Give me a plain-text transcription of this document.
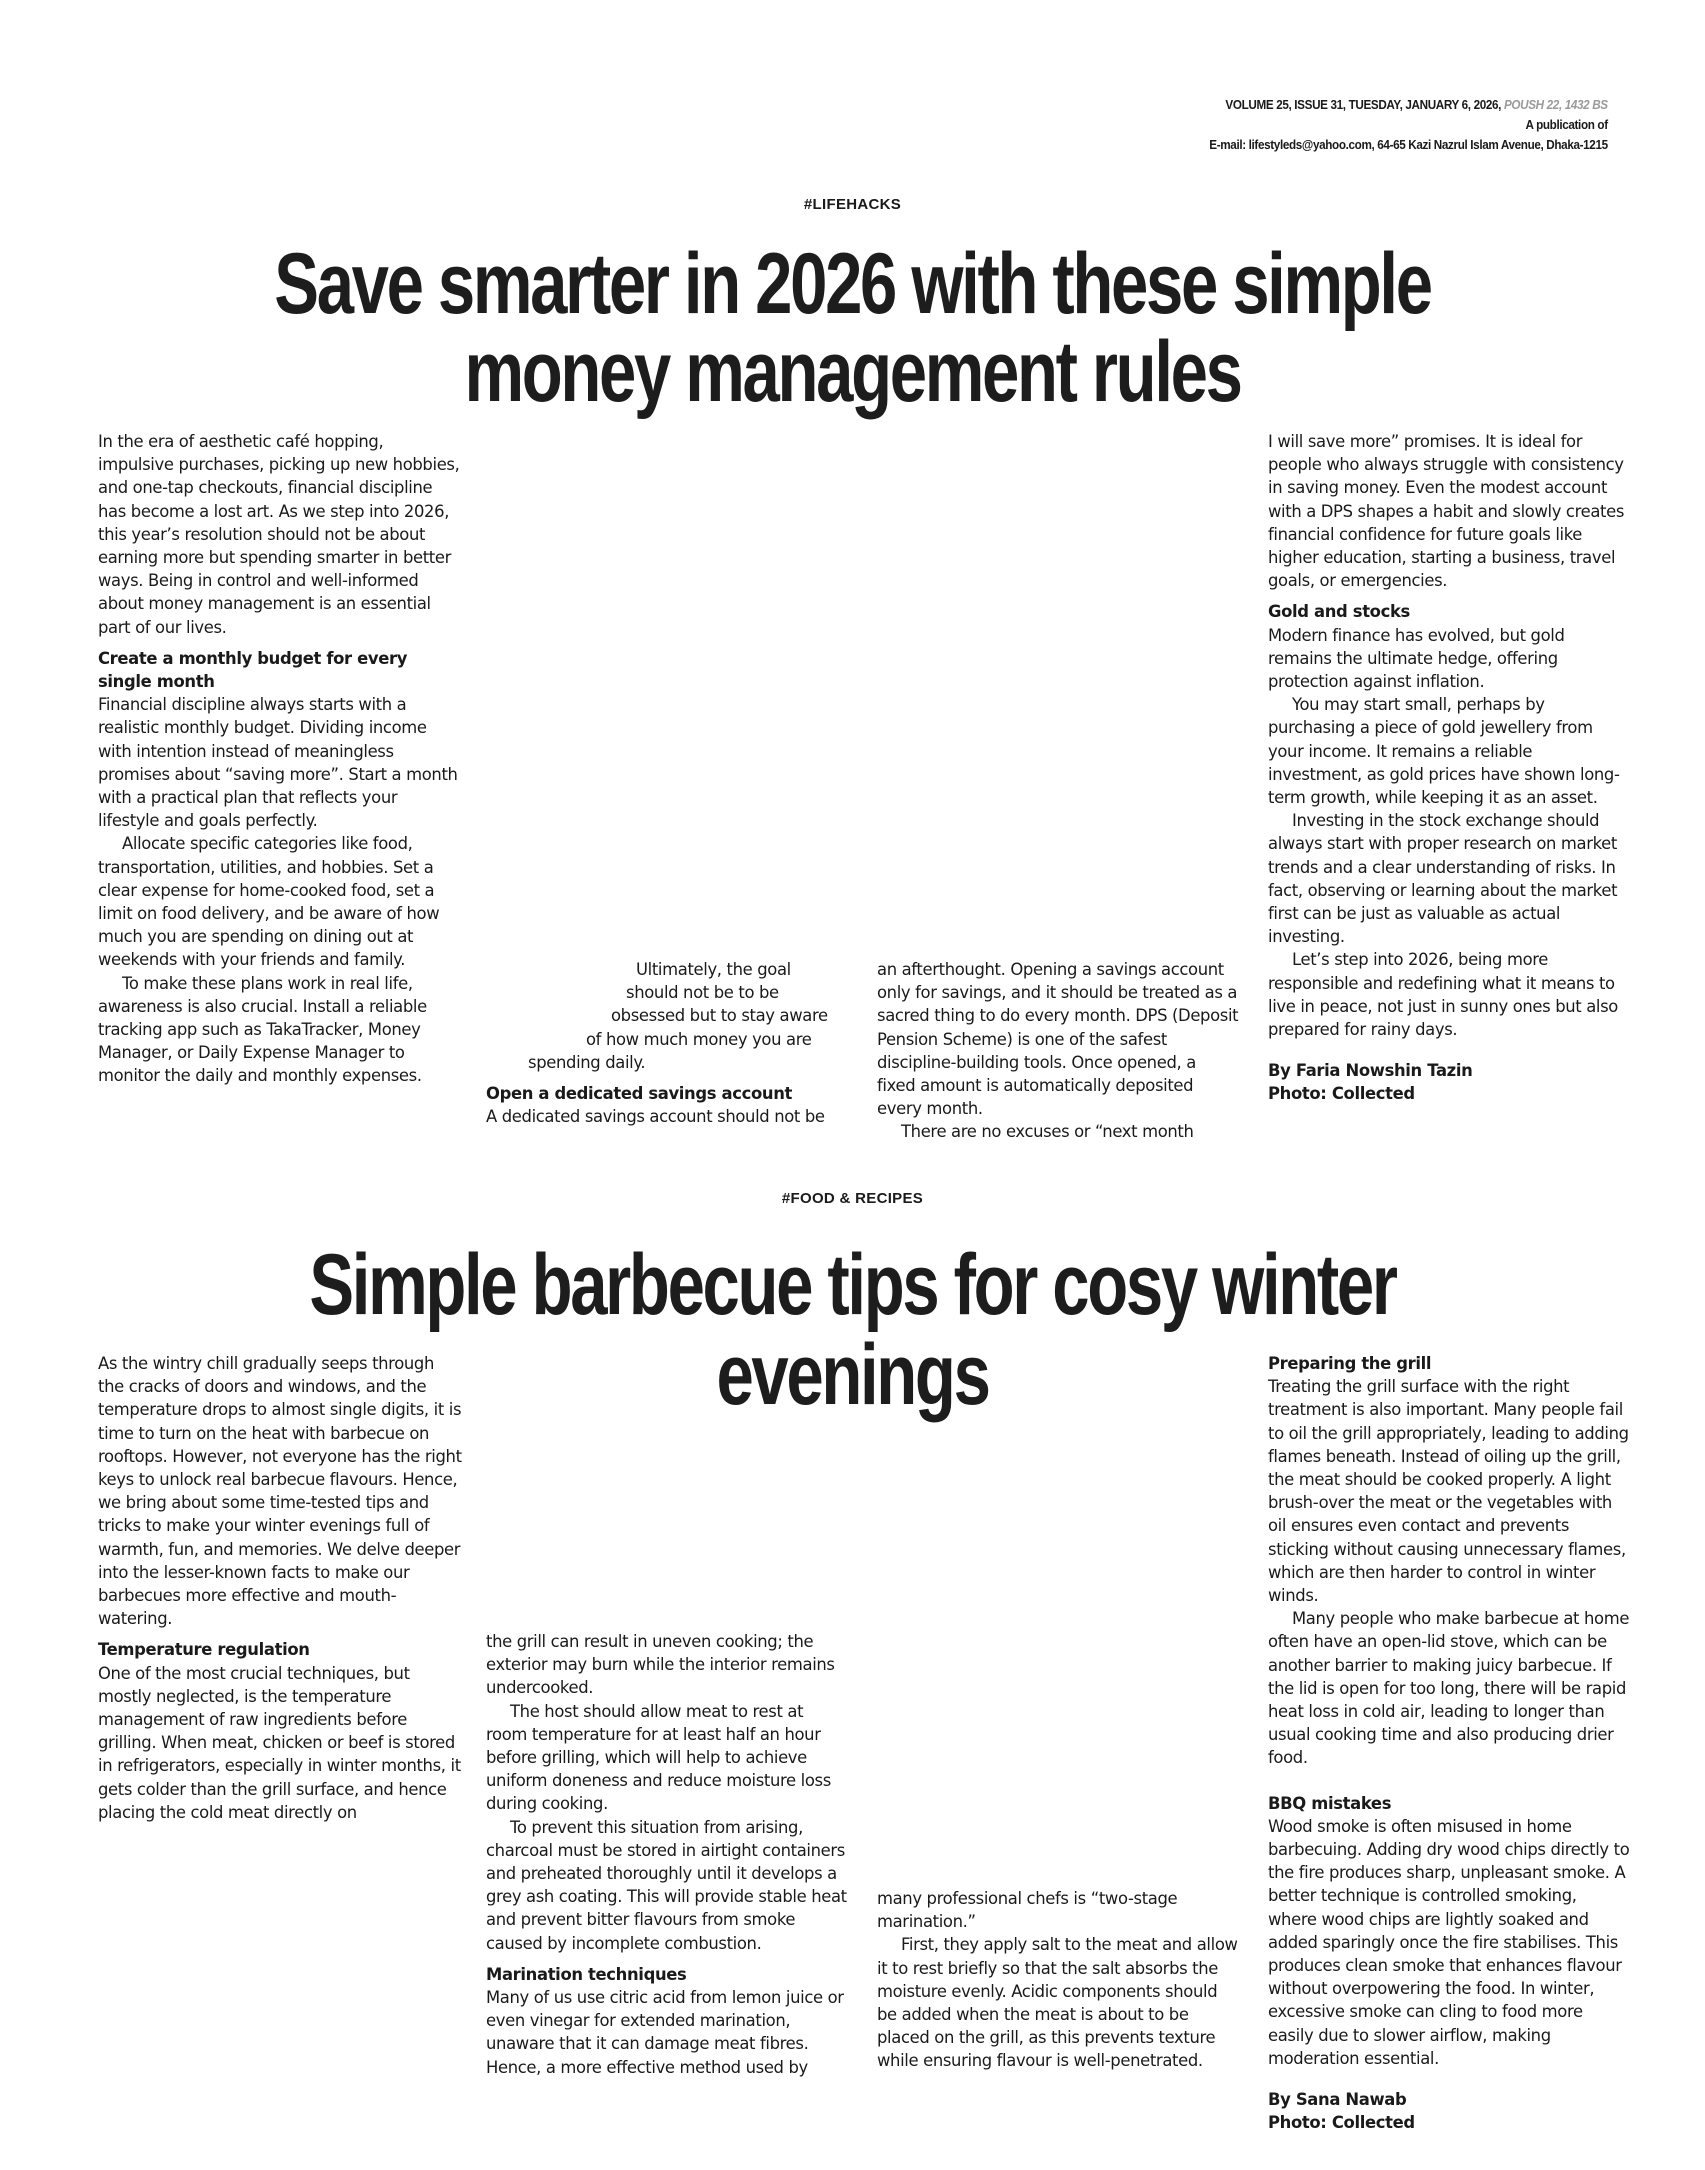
VOLUME 25, ISSUE 31, TUESDAY, JANUARY 6, 2026, POUSH 22, 1432 BS
A publication of
E-mail: lifestyleds@yahoo.com, 64-65 Kazi Nazrul Islam Avenue, Dhaka-1215
#LIFEHACKS
Save smarter in 2026 with these simple
money management rules

In the era of aesthetic café hopping, impulsive purchases, picking up new hobbies, and one-tap checkouts, financial discipline has become a lost art. As we step into 2026, this year’s resolution should not be about earning more but spending smarter in better ways. Being in control and well-informed about money management is an essential part of our lives.

Create a monthly budget for every single month

Financial discipline always starts with a realistic monthly budget. Dividing income with intention instead of meaningless promises about “saving more”. Start a month with a practical plan that reflects your lifestyle and goals perfectly.

Allocate specific categories like food, transportation, utilities, and hobbies. Set a clear expense for home-cooked food, set a limit on food delivery, and be aware of how much you are spending on dining out at weekends with your friends and family.

To make these plans work in real life, awareness is also crucial. Install a reliable tracking app such as TakaTracker, Money Manager, or Daily Expense Manager to monitor the daily and monthly expenses.

Ultimately, the goal

should not be to be

obsessed but to stay aware

of how much money you are

spending daily.

Open a dedicated savings account

A dedicated savings account should not be

an afterthought. Opening a savings account only for savings, and it should be treated as a sacred thing to do every month. DPS (Deposit Pension Scheme) is one of the safest discipline-building tools. Once opened, a fixed amount is automatically deposited every month.

There are no excuses or “next month

I will save more” promises. It is ideal for people who always struggle with consistency in saving money. Even the modest account with a DPS shapes a habit and slowly creates financial confidence for future goals like higher education, starting a business, travel goals, or emergencies.

Gold and stocks

Modern finance has evolved, but gold remains the ultimate hedge, offering protection against inflation.

You may start small, perhaps by purchasing a piece of gold jewellery from your income. It remains a reliable investment, as gold prices have shown long-term growth, while keeping it as an asset.

Investing in the stock exchange should always start with proper research on market trends and a clear understanding of risks. In fact, observing or learning about the market first can be just as valuable as actual investing.

Let’s step into 2026, being more responsible and redefining what it means to live in peace, not just in sunny ones but also prepared for rainy days.

By Faria Nowshin Tazin

Photo: Collected

#FOOD & RECIPES
Simple barbecue tips for cosy winter evenings

As the wintry chill gradually seeps through the cracks of doors and windows, and the temperature drops to almost single digits, it is time to turn on the heat with barbecue on rooftops. However, not everyone has the right keys to unlock real barbecue flavours. Hence, we bring about some time-tested tips and tricks to make your winter evenings full of warmth, fun, and memories. We delve deeper into the lesser-known facts to make our barbecues more effective and mouth-watering.

Temperature regulation

One of the most crucial techniques, but mostly neglected, is the temperature management of raw ingredients before grilling. When meat, chicken or beef is stored in refrigerators, especially in winter months, it gets colder than the grill surface, and hence placing the cold meat directly on

the grill can result in uneven cooking; the exterior may burn while the interior remains undercooked.

The host should allow meat to rest at room temperature for at least half an hour before grilling, which will help to achieve uniform doneness and reduce moisture loss during cooking.

To prevent this situation from arising, charcoal must be stored in airtight containers and preheated thoroughly until it develops a grey ash coating. This will provide stable heat and prevent bitter flavours from smoke caused by incomplete combustion.

Marination techniques

Many of us use citric acid from lemon juice or even vinegar for extended marination, unaware that it can damage meat fibres. Hence, a more effective method used by

many professional chefs is “two-stage marination.”

First, they apply salt to the meat and allow it to rest briefly so that the salt absorbs the moisture evenly. Acidic components should be added when the meat is about to be placed on the grill, as this prevents texture while ensuring flavour is well-penetrated.

Preparing the grill

Treating the grill surface with the right treatment is also important. Many people fail to oil the grill appropriately, leading to adding flames beneath. Instead of oiling up the grill, the meat should be cooked properly. A light brush-over the meat or the vegetables with oil ensures even contact and prevents sticking without causing unnecessary flames, which are then harder to control in winter winds.

Many people who make barbecue at home often have an open-lid stove, which can be another barrier to making juicy barbecue. If the lid is open for too long, there will be rapid heat loss in cold air, leading to longer than usual cooking time and also producing drier food.

BBQ mistakes

Wood smoke is often misused in home barbecuing. Adding dry wood chips directly to the fire produces sharp, unpleasant smoke. A better technique is controlled smoking, where wood chips are lightly soaked and added sparingly once the fire stabilises. This produces clean smoke that enhances flavour without overpowering the food. In winter, excessive smoke can cling to food more easily due to slower airflow, making moderation essential.

By Sana Nawab

Photo: Collected
